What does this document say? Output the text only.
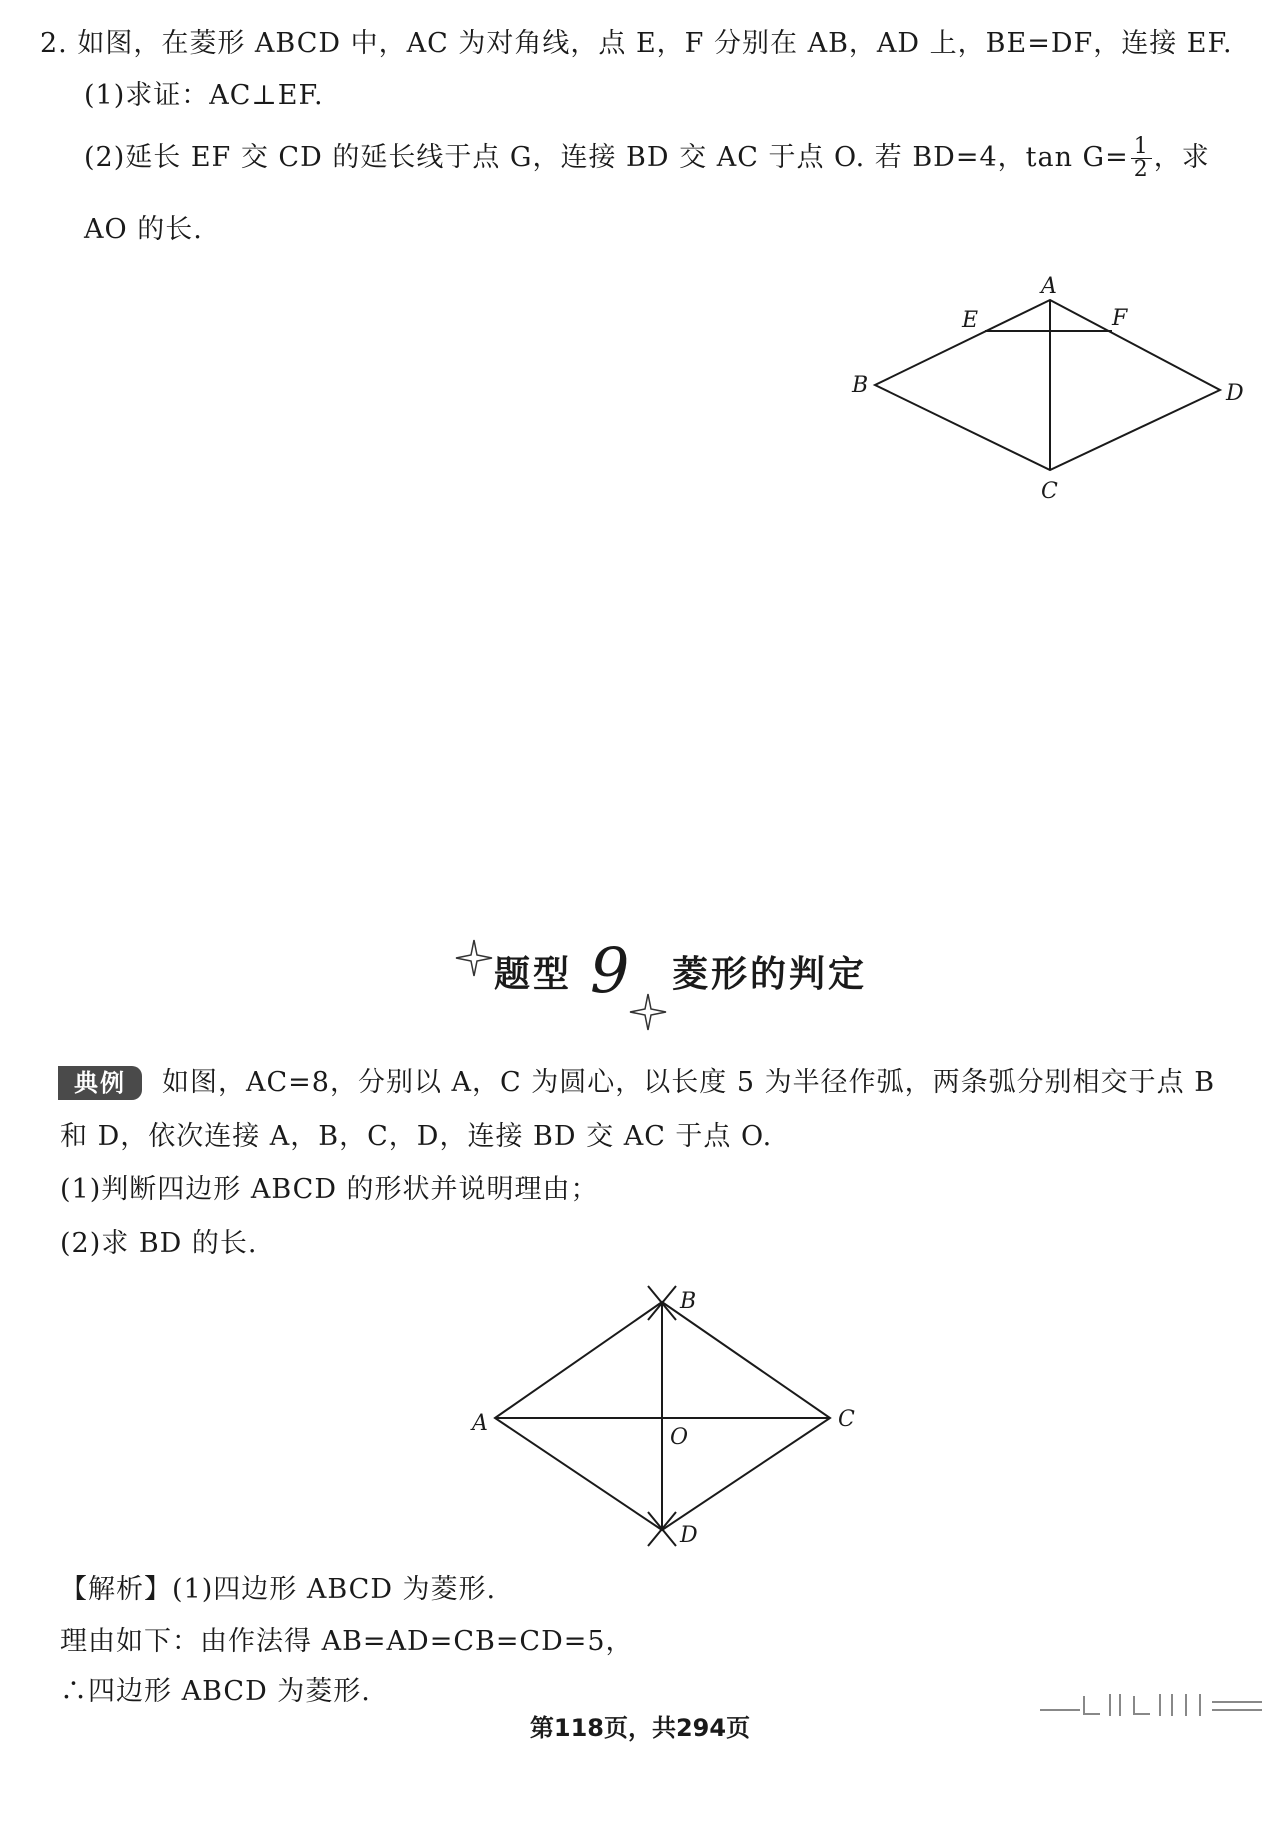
2. 如图，在菱形 ABCD 中，AC 为对角线，点 E，F 分别在 AB，AD 上，BE=DF，连接 EF.
(1)求证：AC⊥EF.
(2)延长 EF 交 CD 的延长线于点 G，连接 BD 交 AC 于点 O. 若 BD=4，$\tan G= \frac{1}{2}$ ，求
AO 的长.
A
E	F
B	D
C
题型 9 菱形的判定
典例	如图，AC=8，分别以 A，C 为圆心，以长度 5 为半径作弧，两条弧分别相交于点 B
和 D，依次连接 A，B，C，D，连接 BD 交 AC 于点 O.
(1)判断四边形 ABCD 的形状并说明理由；
(2)求 BD 的长.
B
A	C
O
D
【解析】(1)四边形 ABCD 为菱形.
理由如下：由作法得 AB=AD=CB=CD=5，
∴四边形 ABCD 为菱形.
第118页，共294页
